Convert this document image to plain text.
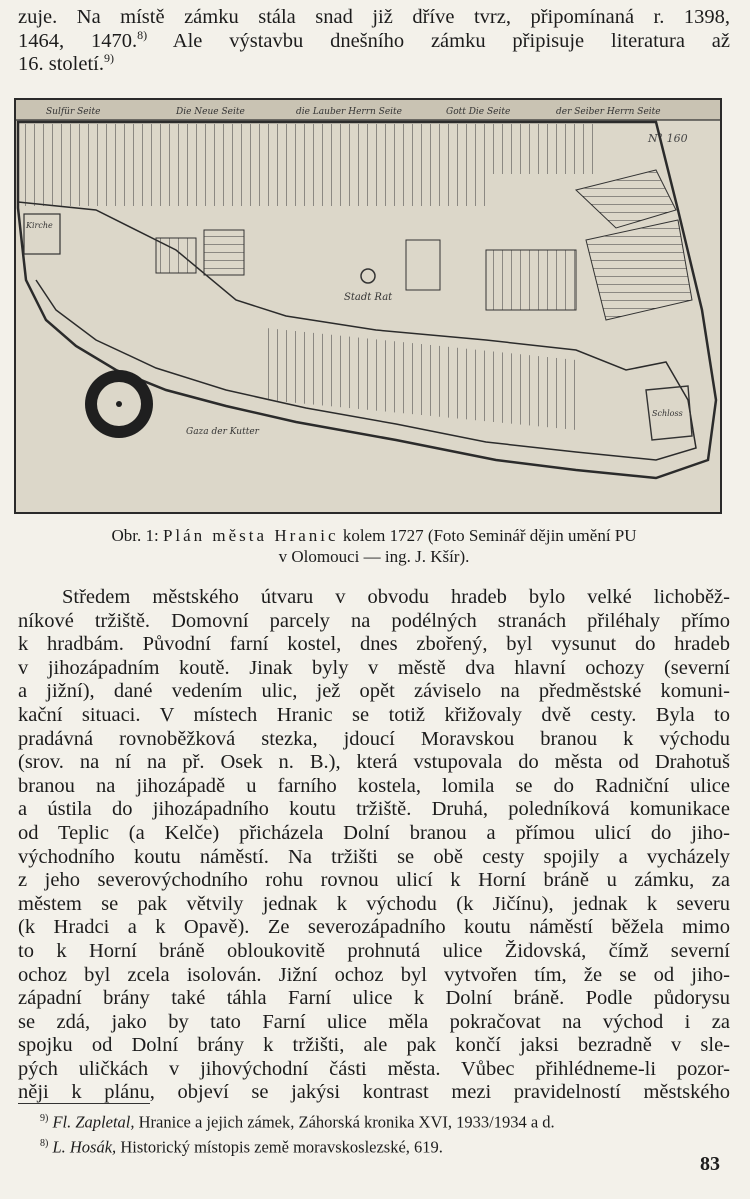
zuje. Na místě zámku stála snad již dříve tvrz, připomínaná r. 1398,
1464, 1470.$^{8)}$ Ale výstavbu dnešního zámku připisuje literatura až
16. století.$^{9)}$
Sulfür Seite	Die Neue Seite	die Lauber Herrn Seite	Gott Die Seite	der Seiber Herrn Seite
N° 160
Stadt Rat
Kirche
Schloss
Gaza der Kutter

Obr. 1: Plán města Hranic kolem 1727 (Foto Seminář dějin umění PU
v Olomouci — ing. J. Kšír).

Středem městského útvaru v obvodu hradeb bylo velké lichoběž-
níkové tržiště. Domovní parcely na podélných stranách přiléhaly přímo
k hradbám. Původní farní kostel, dnes zbořený, byl vysunut do hradeb
v jihozápadním koutě. Jinak byly v městě dva hlavní ochozy (severní
a jižní), dané vedením ulic, jež opět záviselo na předměstské komuni-
kační situaci. V místech Hranic se totiž křižovaly dvě cesty. Byla to
pradávná rovnoběžková stezka, jdoucí Moravskou branou k východu
(srov. na ní na př. Osek n. B.), která vstupovala do města od Drahotuš
branou na jihozápadě u farního kostela, lomila se do Radniční ulice
a ústila do jihozápadního koutu tržiště. Druhá, poledníková komunikace
od Teplic (a Kelče) přicházela Dolní branou a přímou ulicí do jiho-
východního koutu náměstí. Na tržišti se obě cesty spojily a vycházely
z jeho severovýchodního rohu rovnou ulicí k Horní bráně u zámku, za
městem se pak větvily jednak k východu (k Jičínu), jednak k severu
(k Hradci a k Opavě). Ze severozápadního koutu náměstí běžela mimo
to k Horní bráně obloukovitě prohnutá ulice Židovská, čímž severní
ochoz byl zcela isolován. Jižní ochoz byl vytvořen tím, že se od jiho-
západní brány také táhla Farní ulice k Dolní bráně. Podle půdorysu
se zdá, jako by tato Farní ulice měla pokračovat na východ i za
spojku od Dolní brány k tržišti, ale pak končí jaksi bezradně v sle-
pých uličkách v jihovýchodní části města. Vůbec přihlédneme-li pozor-
něji k plánu, objeví se jakýsi kontrast mezi pravidelností městského
$^{9)}$ Fl. Zapletal, Hranice a jejich zámek, Záhorská kronika XVI, 1933/1934 a d.
$^{8)}$ L. Hosák, Historický místopis země moravskoslezské, 619.
83
